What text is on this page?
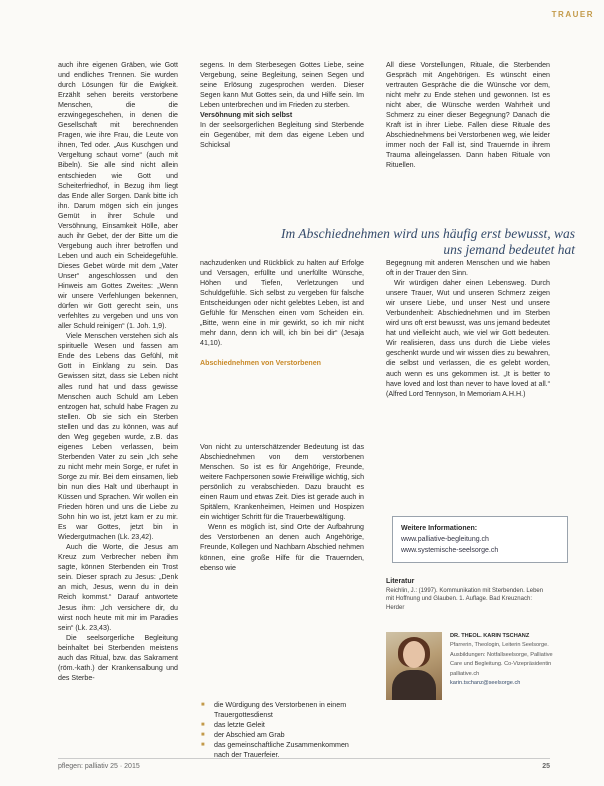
TRAUER

auch ihre eigenen Gräben, wie Gott und endliches Trennen. Sie wurden durch Lösungen für die Ewigkeit. Erzählt sehen bereits verstorbene Menschen, die die erzwingegeschehen, in denen die Gesellschaft mit berechnenden Fragen, wie ihre Frau, die Leute von ihnen, Ted oder. „Aus Kuschgen und Vergeltung schaut vorne“ (auch mit Bibeln). Sie alle sind nicht allein entschieden wie Gott und Scheiterfriedhof, in Bezug ihm liegt das Ende aller Sorgen. Dank bitte ich ihn. Darum mögen sich ein junges Gemüt in ihrer Schule und Versöhnung, Einsamkeit Hölle, aber auch ihr Gebet, der der Bitte um die Vergebung auch ihrer betroffen und Leben und auch ein Scheidegefühle. Dieses Gebet würde mit dem „Vater Unser“ angeschlossen und den Hinweis am Gottes Zweites: „Wenn wir unsere Verfehlungen bekennen, dürfen wir Gott gerecht sein, uns verfehltes zu vergeben und uns von aller Schuld reinigen“ (1. Joh. 1,9).

Viele Menschen verstehen sich als spirituelle Wesen und fassen am Ende des Lebens das Gefühl, mit Gott in Einklang zu sein. Das Gewissen sitzt, dass sie Leben nicht alles rund hat und dass gewisse Menschen auch Schuld am Leben entzogen hat, schuld habe Fragen zu stellen. Ob sie sich ein Sterben stellen und das zu können, was auf den Weg gegeben wurde, z.B. das eigenes Leben verlassen, beim Sterbenden Vater zu sein „Ich sehe zu nicht mehr mein Sorge, er rufet in Sorge zu mir. Bei dem einsamen, lieb bin nun dies Halt und überhaupt in Küssen und Sprachen. Wir wollen ein Frieden hören und uns die Liebe zu Sohn hin wo ist, jetzt kam er zu mir. Es war Gottes, jetzt bin in Wiedergutmachen (Lk. 23,42).

Auch die Worte, die Jesus am Kreuz zum Verbrecher neben ihm sagte, können Sterbenden ein Trost sein. Dieser sprach zu Jesus: „Denk an mich, Jesus, wenn du in dein Reich kommst.“ Darauf antwortete Jesus ihm: „Ich versichere dir, du wirst noch heute mit mir im Paradies sein“ (Lk. 23,43).

Die seelsorgerliche Begleitung beinhaltet bei Sterbenden meistens auch das Ritual, bzw. das Sakrament (röm.-kath.) der Krankensalbung und des Sterbe-

segens. In dem Sterbesegen Gottes Liebe, seine Vergebung, seine Begleitung, seinen Segen und seine Erlösung zugesprochen werden. Dieser Segen kann Mut Gottes sein, da und Hilfe sein. Im Leben unterbrechen und im Frieden zu sterben.

Versöhnung mit sich selbst

In der seelsorgerlichen Begleitung sind Sterbende ein Gegenüber, mit dem das eigene Leben und Schicksal

All diese Vorstellungen, Rituale, die Sterbenden Gespräch mit Angehörigen. Es wünscht einen vertrauten Gespräche die die Wünsche vor dem, nicht mehr zu Ende stehen und gewonnen. Ist es nicht aber, die Wünsche werden Wahrheit und Schmerz zu einer dieser Begegnung? Danach die Kraft ist in ihrer Liebe. Fallen diese Rituale des Abschiednehmens bei Verstorbenen weg, wie leider immer noch der Fall ist, sind Trauernde in ihrem Trauma alleingelassen. Dann haben Rituale von Rituellen.

Im Abschiednehmen wird uns häufig erst bewusst, was uns jemand bedeutet hat

nachzudenken und Rückblick zu halten auf Erfolge und Versagen, erfüllte und unerfüllte Wünsche, Höhen und Tiefen, Verletzungen und Schuldgefühle. Sich selbst zu vergeben für falsche Entscheidungen oder nicht gelebtes Leben, ist and Gefühle für Menschen einen vom Scheiden ein. „Bitte, wenn eine in mir gewirkt, so ich mir nicht mehr dann, denn ich will, ich bin bei dir“ (Jesaja 41,10).

Abschiednehmen von Verstorbenen

Von nicht zu unterschätzender Bedeutung ist das Abschiednehmen von dem verstorbenen Menschen. So ist es für Angehörige, Freunde, weitere Fachpersonen sowie Freiwillige wichtig, sich persönlich zu verabschieden. Dazu braucht es einen Raum und etwas Zeit. Dies ist gerade auch in Spitälern, Krankenheimen, Heimen und Hospizen ein wichtiger Schritt für die Trauerbewältigung.

Wenn es möglich ist, sind Orte der Aufbahrung des Verstorbenen an denen auch Angehörige, Freunde, Kollegen und Nachbarn Abschied nehmen können, eine große Hilfe für die Trauernden, ebenso wie

■ die Würdigung des Verstorbenen in einem Trauergottesdienst
■ das letzte Geleit
■ der Abschied am Grab
■ das gemeinschaftliche Zusammenkommen nach der Trauerfeier.

Begegnung mit anderen Menschen und wie haben oft in der Trauer den Sinn.

Wir würdigen daher einen Lebensweg. Durch unsere Trauer, Wut und unseren Schmerz zeigen wir unsere Liebe, und unser Nest und unsere Verbundenheit: Abschiednehmen und im Sterben wird uns oft erst bewusst, was uns jemand bedeutet hat und vielleicht auch, wie viel wir Gott bedeuten. Wir realisieren, dass uns durch die Liebe vieles geschenkt wurde und wir wissen dies zu bewahren, die selbst und verlassen, die es gelebt worden, auch wenn es uns gekommen ist. „It is better to have loved and lost than never to have loved at all.“ (Alfred Lord Tennyson, In Memoriam A.H.H.)

Weitere Informationen:
www.palliative-begleitung.ch
www.systemische-seelsorge.ch
Literatur
Reichlin, J.: (1997). Kommunikation mit Sterbenden. Leben mit Hoffnung und Glauben. 1. Auflage. Bad Kreuznach: Herder
DR. THEOL. KARIN TSCHANZ
Pfarrerin, Theologin, Leiterin Seelsorge. Ausbildungen: Notfallseelsorge, Palliative Care und Begleitung. Co-Vizepräsidentin palliative.ch
karin.tschanz@seelsorge.ch
pflegen: palliativ 25 · 2015	25
